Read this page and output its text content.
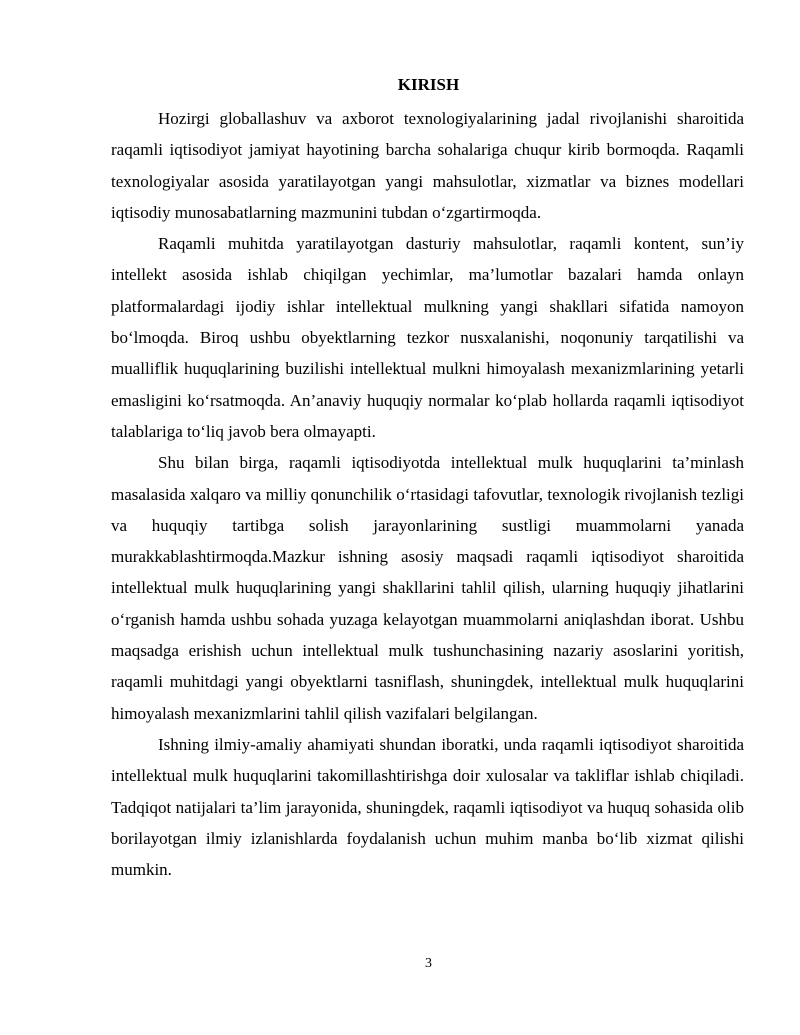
KIRISH

Hozirgi globallashuv va axborot texnologiyalarining jadal rivojlanishi sharoitida raqamli iqtisodiyot jamiyat hayotining barcha sohalariga chuqur kirib bormoqda. Raqamli texnologiyalar asosida yaratilayotgan yangi mahsulotlar, xizmatlar va biznes modellari iqtisodiy munosabatlarning mazmunini tubdan o‘zgartirmoqda.

Raqamli muhitda yaratilayotgan dasturiy mahsulotlar, raqamli kontent, sun’iy intellekt asosida ishlab chiqilgan yechimlar, ma’lumotlar bazalari hamda onlayn platformalardagi ijodiy ishlar intellektual mulkning yangi shakllari sifatida namoyon bo‘lmoqda. Biroq ushbu obyektlarning tezkor nusxalanishi, noqonuniy tarqatilishi va mualliflik huquqlarining buzilishi intellektual mulkni himoyalash mexanizmlarining yetarli emasligini ko‘rsatmoqda. An’anaviy huquqiy normalar ko‘plab hollarda raqamli iqtisodiyot talablariga to‘liq javob bera olmayapti.

Shu bilan birga, raqamli iqtisodiyotda intellektual mulk huquqlarini ta’minlash masalasida xalqaro va milliy qonunchilik o‘rtasidagi tafovutlar, texnologik rivojlanish tezligi va huquqiy tartibga solish jarayonlarining sustligi muammolarni yanada murakkablashtirmoqda.Mazkur ishning asosiy maqsadi raqamli iqtisodiyot sharoitida intellektual mulk huquqlarining yangi shakllarini tahlil qilish, ularning huquqiy jihatlarini o‘rganish hamda ushbu sohada yuzaga kelayotgan muammolarni aniqlashdan iborat. Ushbu maqsadga erishish uchun intellektual mulk tushunchasining nazariy asoslarini yoritish, raqamli muhitdagi yangi obyektlarni tasniflash, shuningdek, intellektual mulk huquqlarini himoyalash mexanizmlarini tahlil qilish vazifalari belgilangan.

Ishning ilmiy-amaliy ahamiyati shundan iboratki, unda raqamli iqtisodiyot sharoitida intellektual mulk huquqlarini takomillashtirishga doir xulosalar va takliflar ishlab chiqiladi. Tadqiqot natijalari ta’lim jarayonida, shuningdek, raqamli iqtisodiyot va huquq sohasida olib borilayotgan ilmiy izlanishlarda foydalanish uchun muhim manba bo‘lib xizmat qilishi mumkin.

3
